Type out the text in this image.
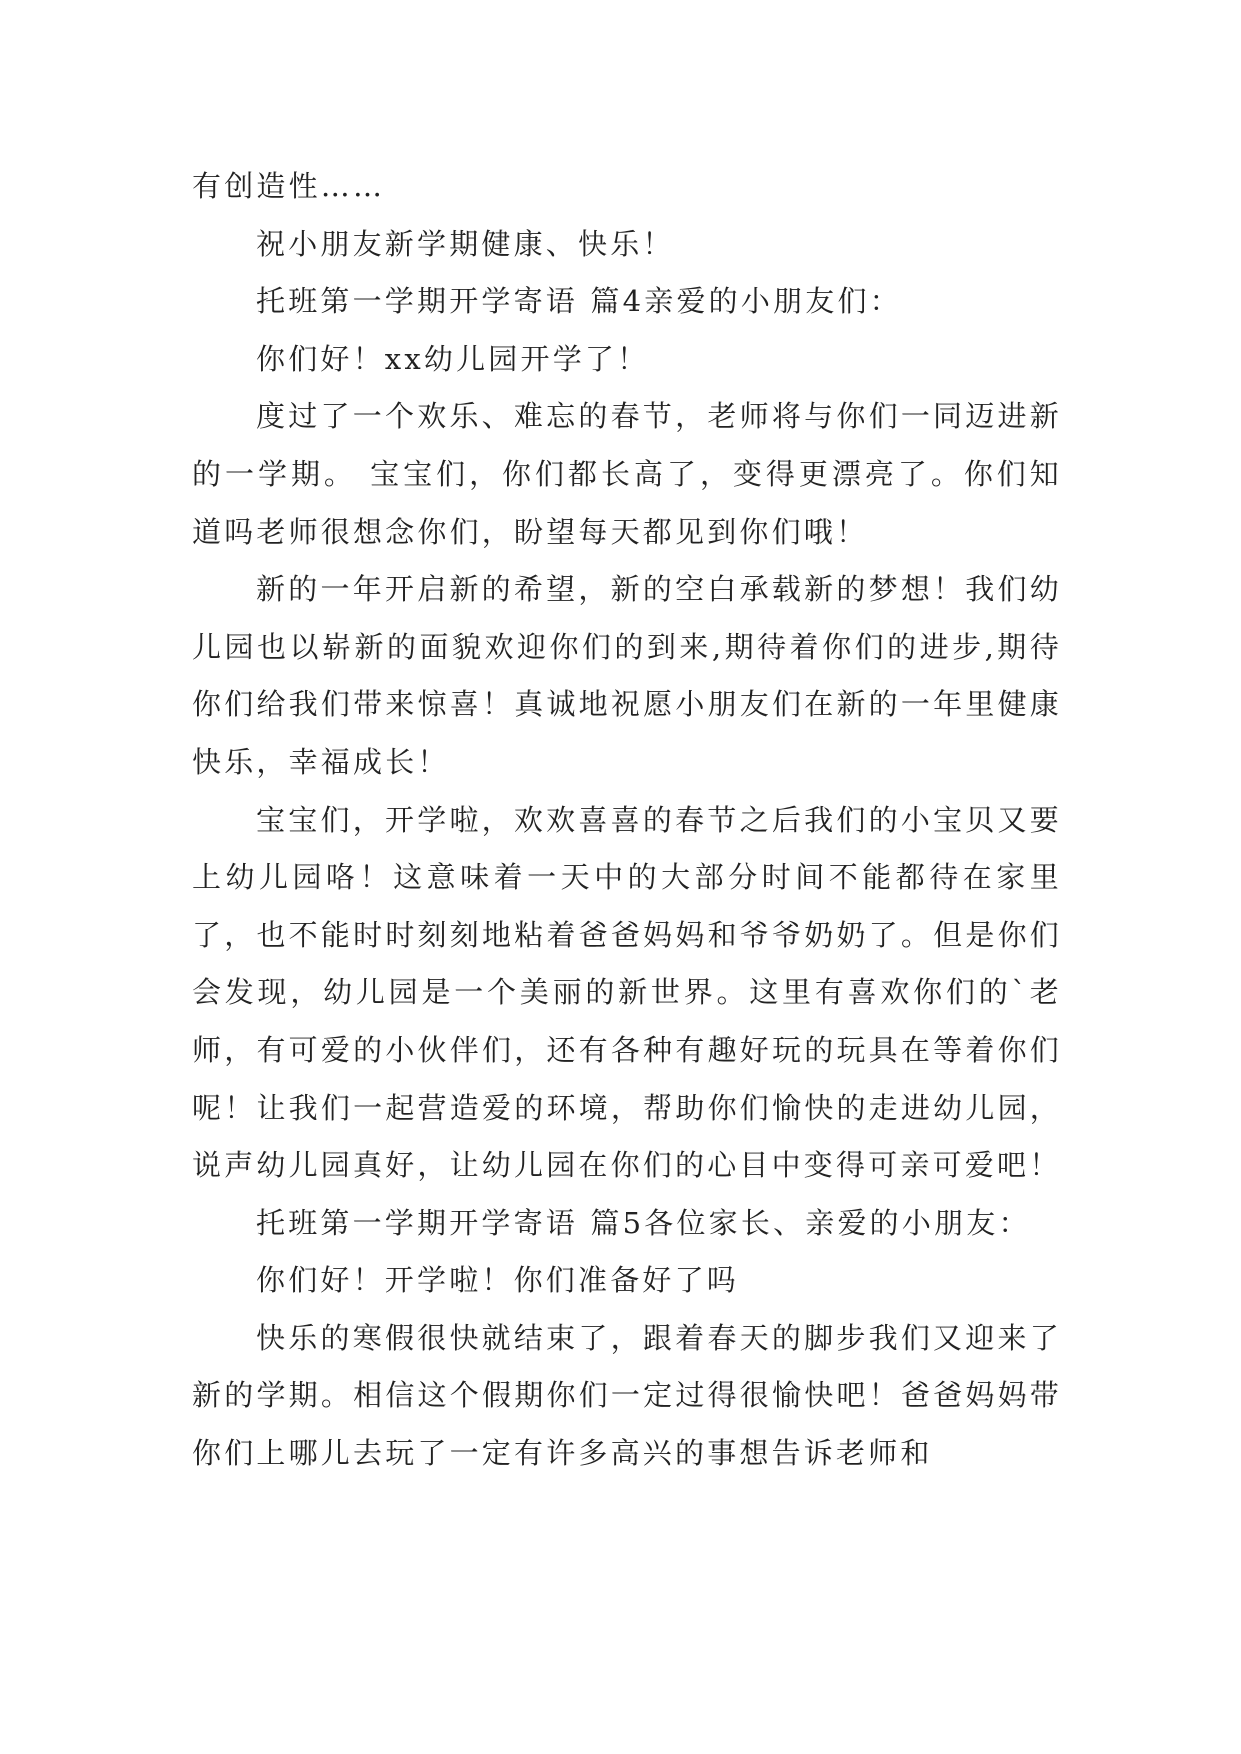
有创造性……

祝小朋友新学期健康、快乐！

托班第一学期开学寄语 篇4亲爱的小朋友们：

你们好！xx幼儿园开学了！

度过了一个欢乐、难忘的春节，老师将与你们一同迈进新的一学期。 宝宝们，你们都长高了，变得更漂亮了。你们知道吗老师很想念你们，盼望每天都见到你们哦！

新的一年开启新的希望，新的空白承载新的梦想！我们幼儿园也以崭新的面貌欢迎你们的到来,期待着你们的进步,期待你们给我们带来惊喜！真诚地祝愿小朋友们在新的一年里健康快乐，幸福成长！

宝宝们，开学啦，欢欢喜喜的春节之后我们的小宝贝又要上幼儿园咯！这意味着一天中的大部分时间不能都待在家里了，也不能时时刻刻地粘着爸爸妈妈和爷爷奶奶了。但是你们会发现，幼儿园是一个美丽的新世界。这里有喜欢你们的`老师，有可爱的小伙伴们，还有各种有趣好玩的玩具在等着你们呢！让我们一起营造爱的环境，帮助你们愉快的走进幼儿园，说声幼儿园真好，让幼儿园在你们的心目中变得可亲可爱吧！

托班第一学期开学寄语 篇5各位家长、亲爱的小朋友：

你们好！开学啦！你们准备好了吗

快乐的寒假很快就结束了，跟着春天的脚步我们又迎来了新的学期。相信这个假期你们一定过得很愉快吧！爸爸妈妈带你们上哪儿去玩了一定有许多高兴的事想告诉老师和
